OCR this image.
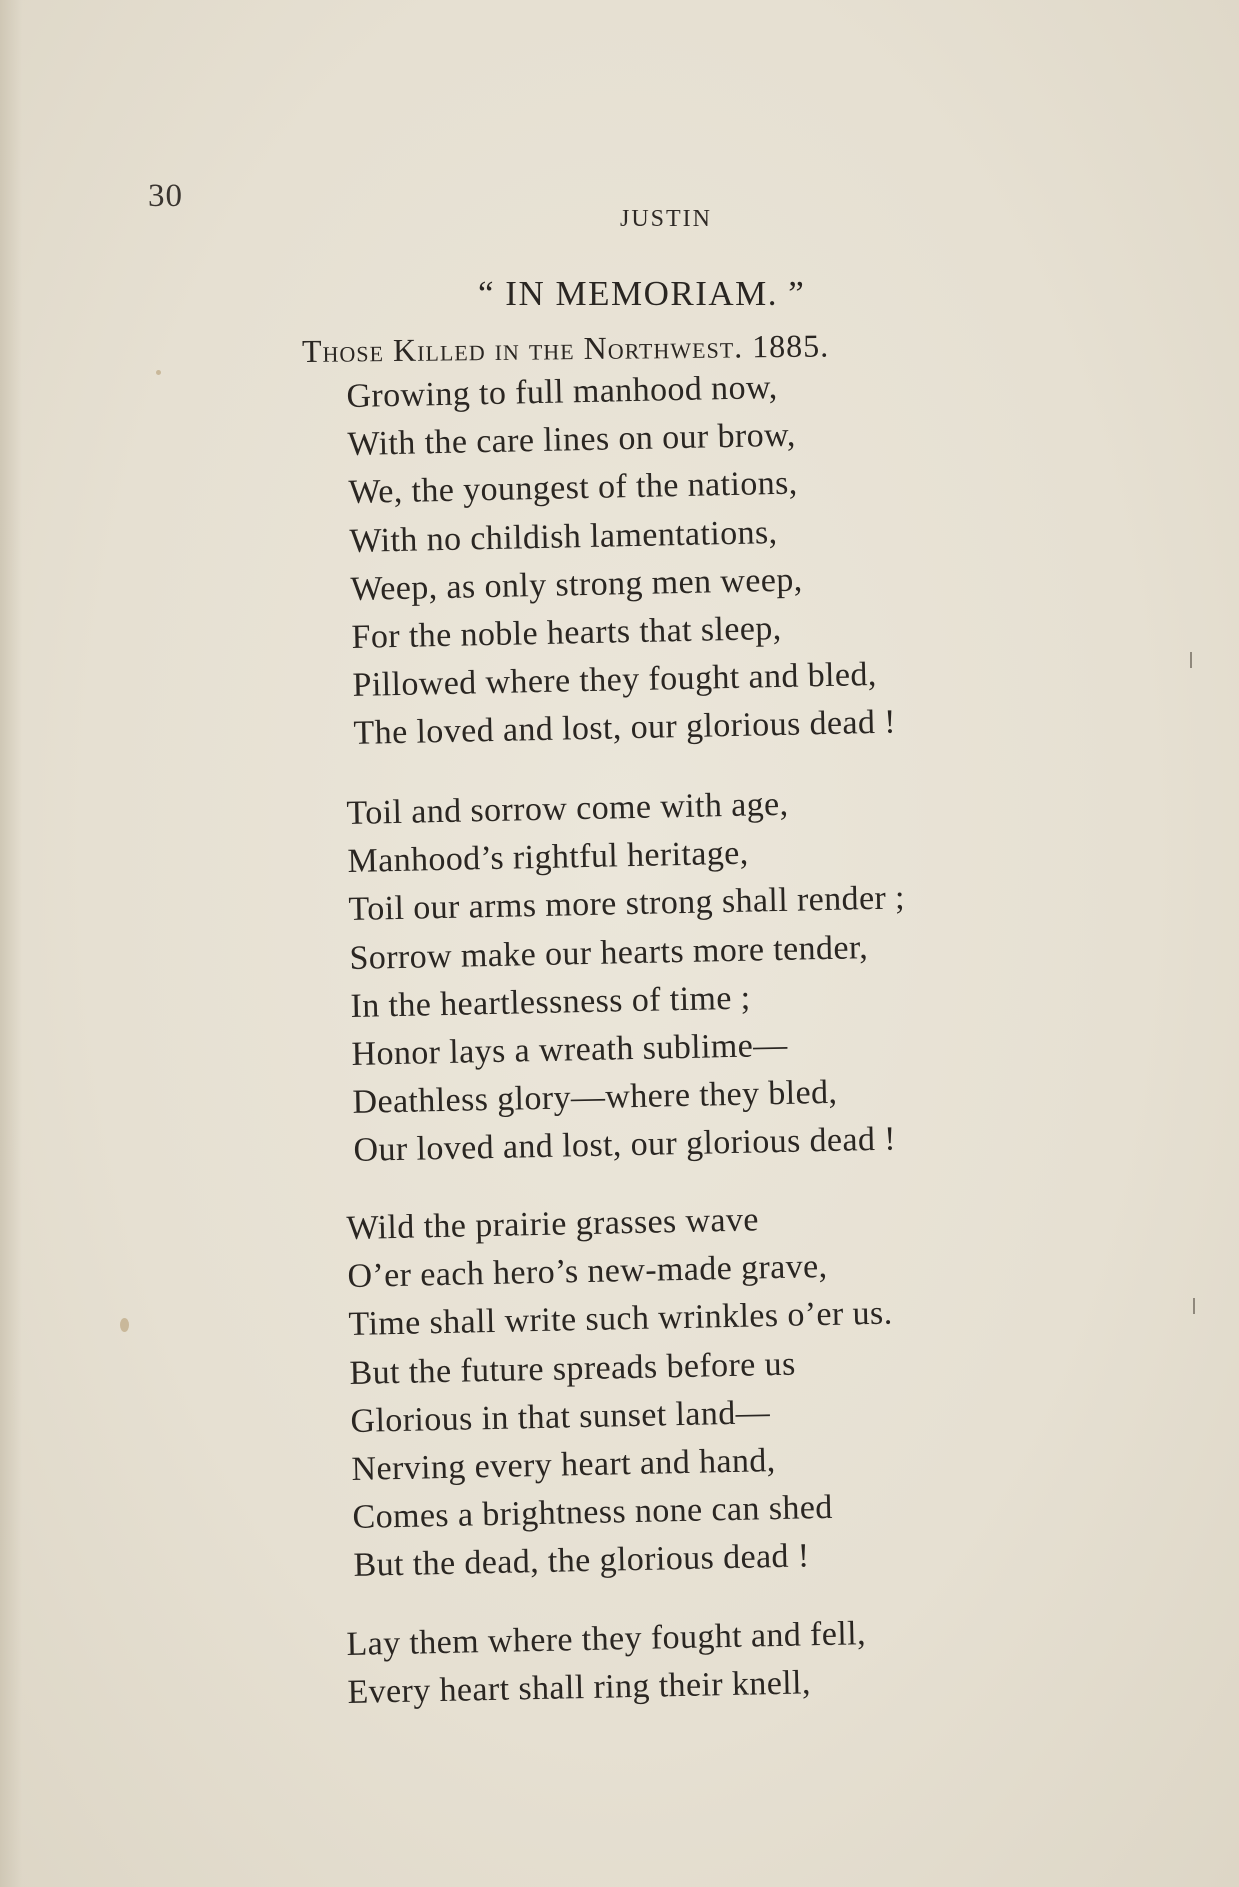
30
JUSTIN
“ IN MEMORIAM. ”
Those Killed in the Northwest. 1885.
Growing to full manhood now,
With the care lines on our brow,
We, the youngest of the nations,
With no childish lamentations,
Weep, as only strong men weep,
For the noble hearts that sleep,
Pillowed where they fought and bled,
The loved and lost, our glorious dead !
Toil and sorrow come with age,
Manhood’s rightful heritage,
Toil our arms more strong shall render ;
Sorrow make our hearts more tender,
In the heartlessness of time ;
Honor lays a wreath sublime—
Deathless glory—where they bled,
Our loved and lost, our glorious dead !
Wild the prairie grasses wave
O’er each hero’s new-made grave,
Time shall write such wrinkles o’er us.
But the future spreads before us
Glorious in that sunset land—
Nerving every heart and hand,
Comes a brightness none can shed
But the dead, the glorious dead !
Lay them where they fought and fell,
Every heart shall ring their knell,
